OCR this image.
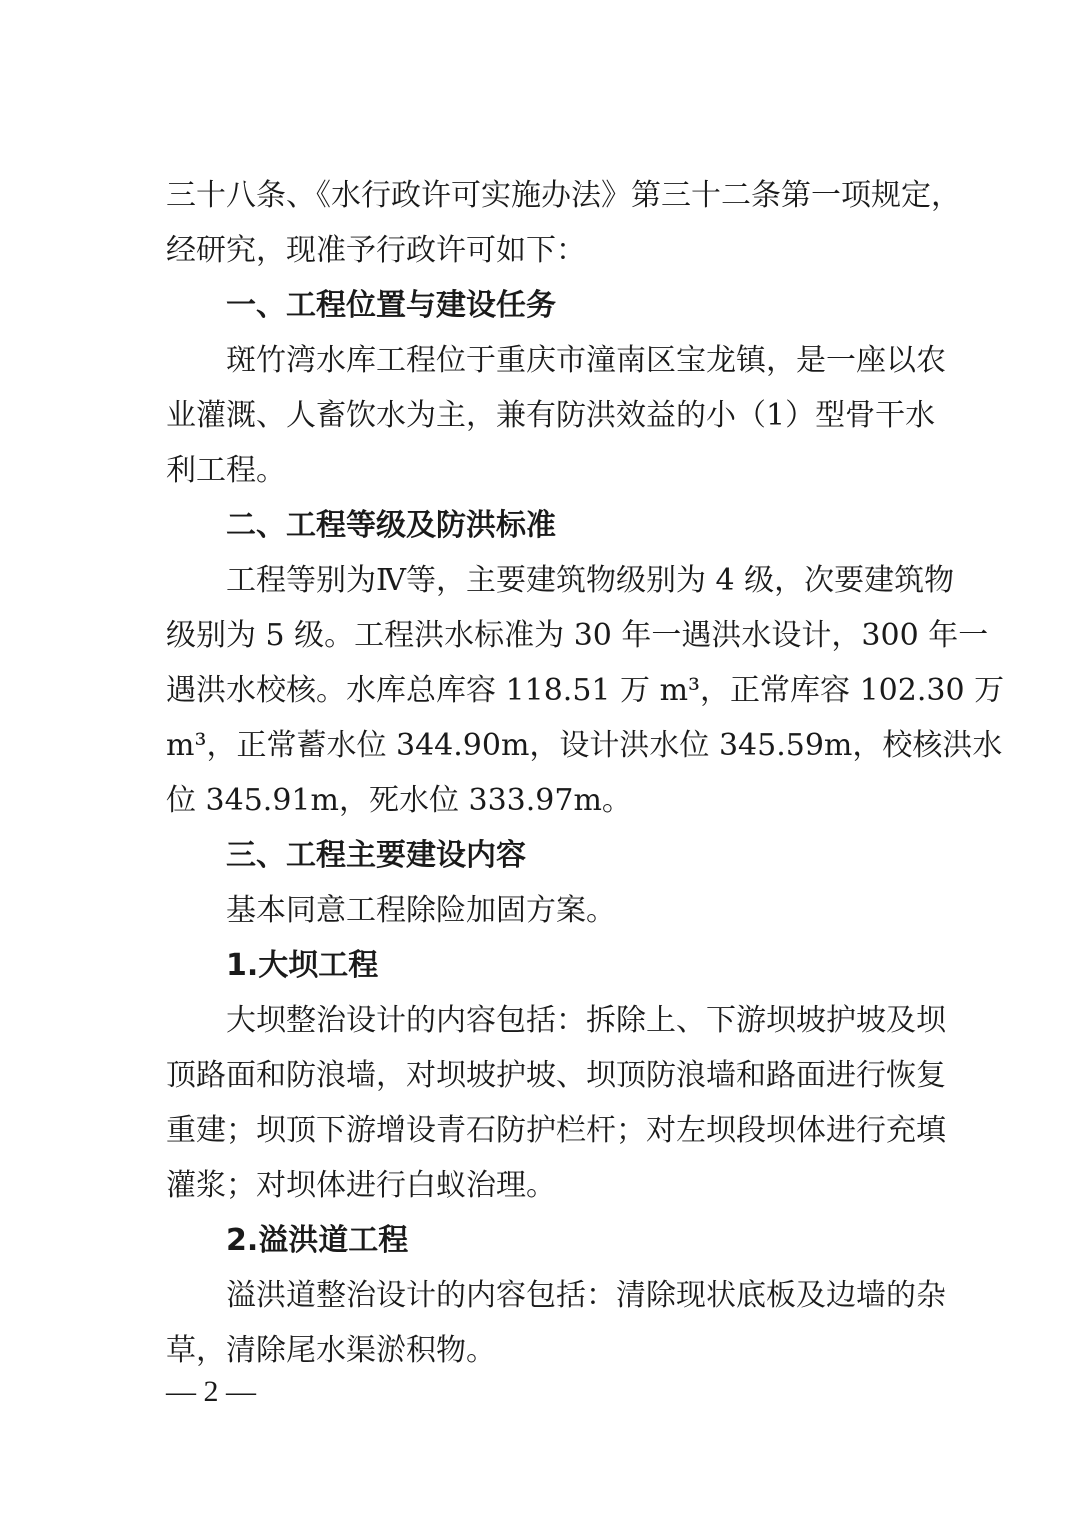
三十八条、《水行政许可实施办法》第三十二条第一项规定，
经研究，现准予行政许可如下：
一、工程位置与建设任务
斑竹湾水库工程位于重庆市潼南区宝龙镇，是一座以农
业灌溉、人畜饮水为主，兼有防洪效益的小（1）型骨干水
利工程。
二、工程等级及防洪标准
工程等别为Ⅳ等，主要建筑物级别为 4 级，次要建筑物
级别为 5 级。工程洪水标准为 30 年一遇洪水设计，300 年一
遇洪水校核。水库总库容 118.51 万 m³，正常库容 102.30 万
m³，正常蓄水位 344.90m，设计洪水位 345.59m，校核洪水
位 345.91m，死水位 333.97m。
三、工程主要建设内容
基本同意工程除险加固方案。
1.大坝工程
大坝整治设计的内容包括：拆除上、下游坝坡护坡及坝
顶路面和防浪墙，对坝坡护坡、坝顶防浪墙和路面进行恢复
重建；坝顶下游增设青石防护栏杆；对左坝段坝体进行充填
灌浆；对坝体进行白蚁治理。
2.溢洪道工程
溢洪道整治设计的内容包括：清除现状底板及边墙的杂
草，清除尾水渠淤积物。
— 2 —
